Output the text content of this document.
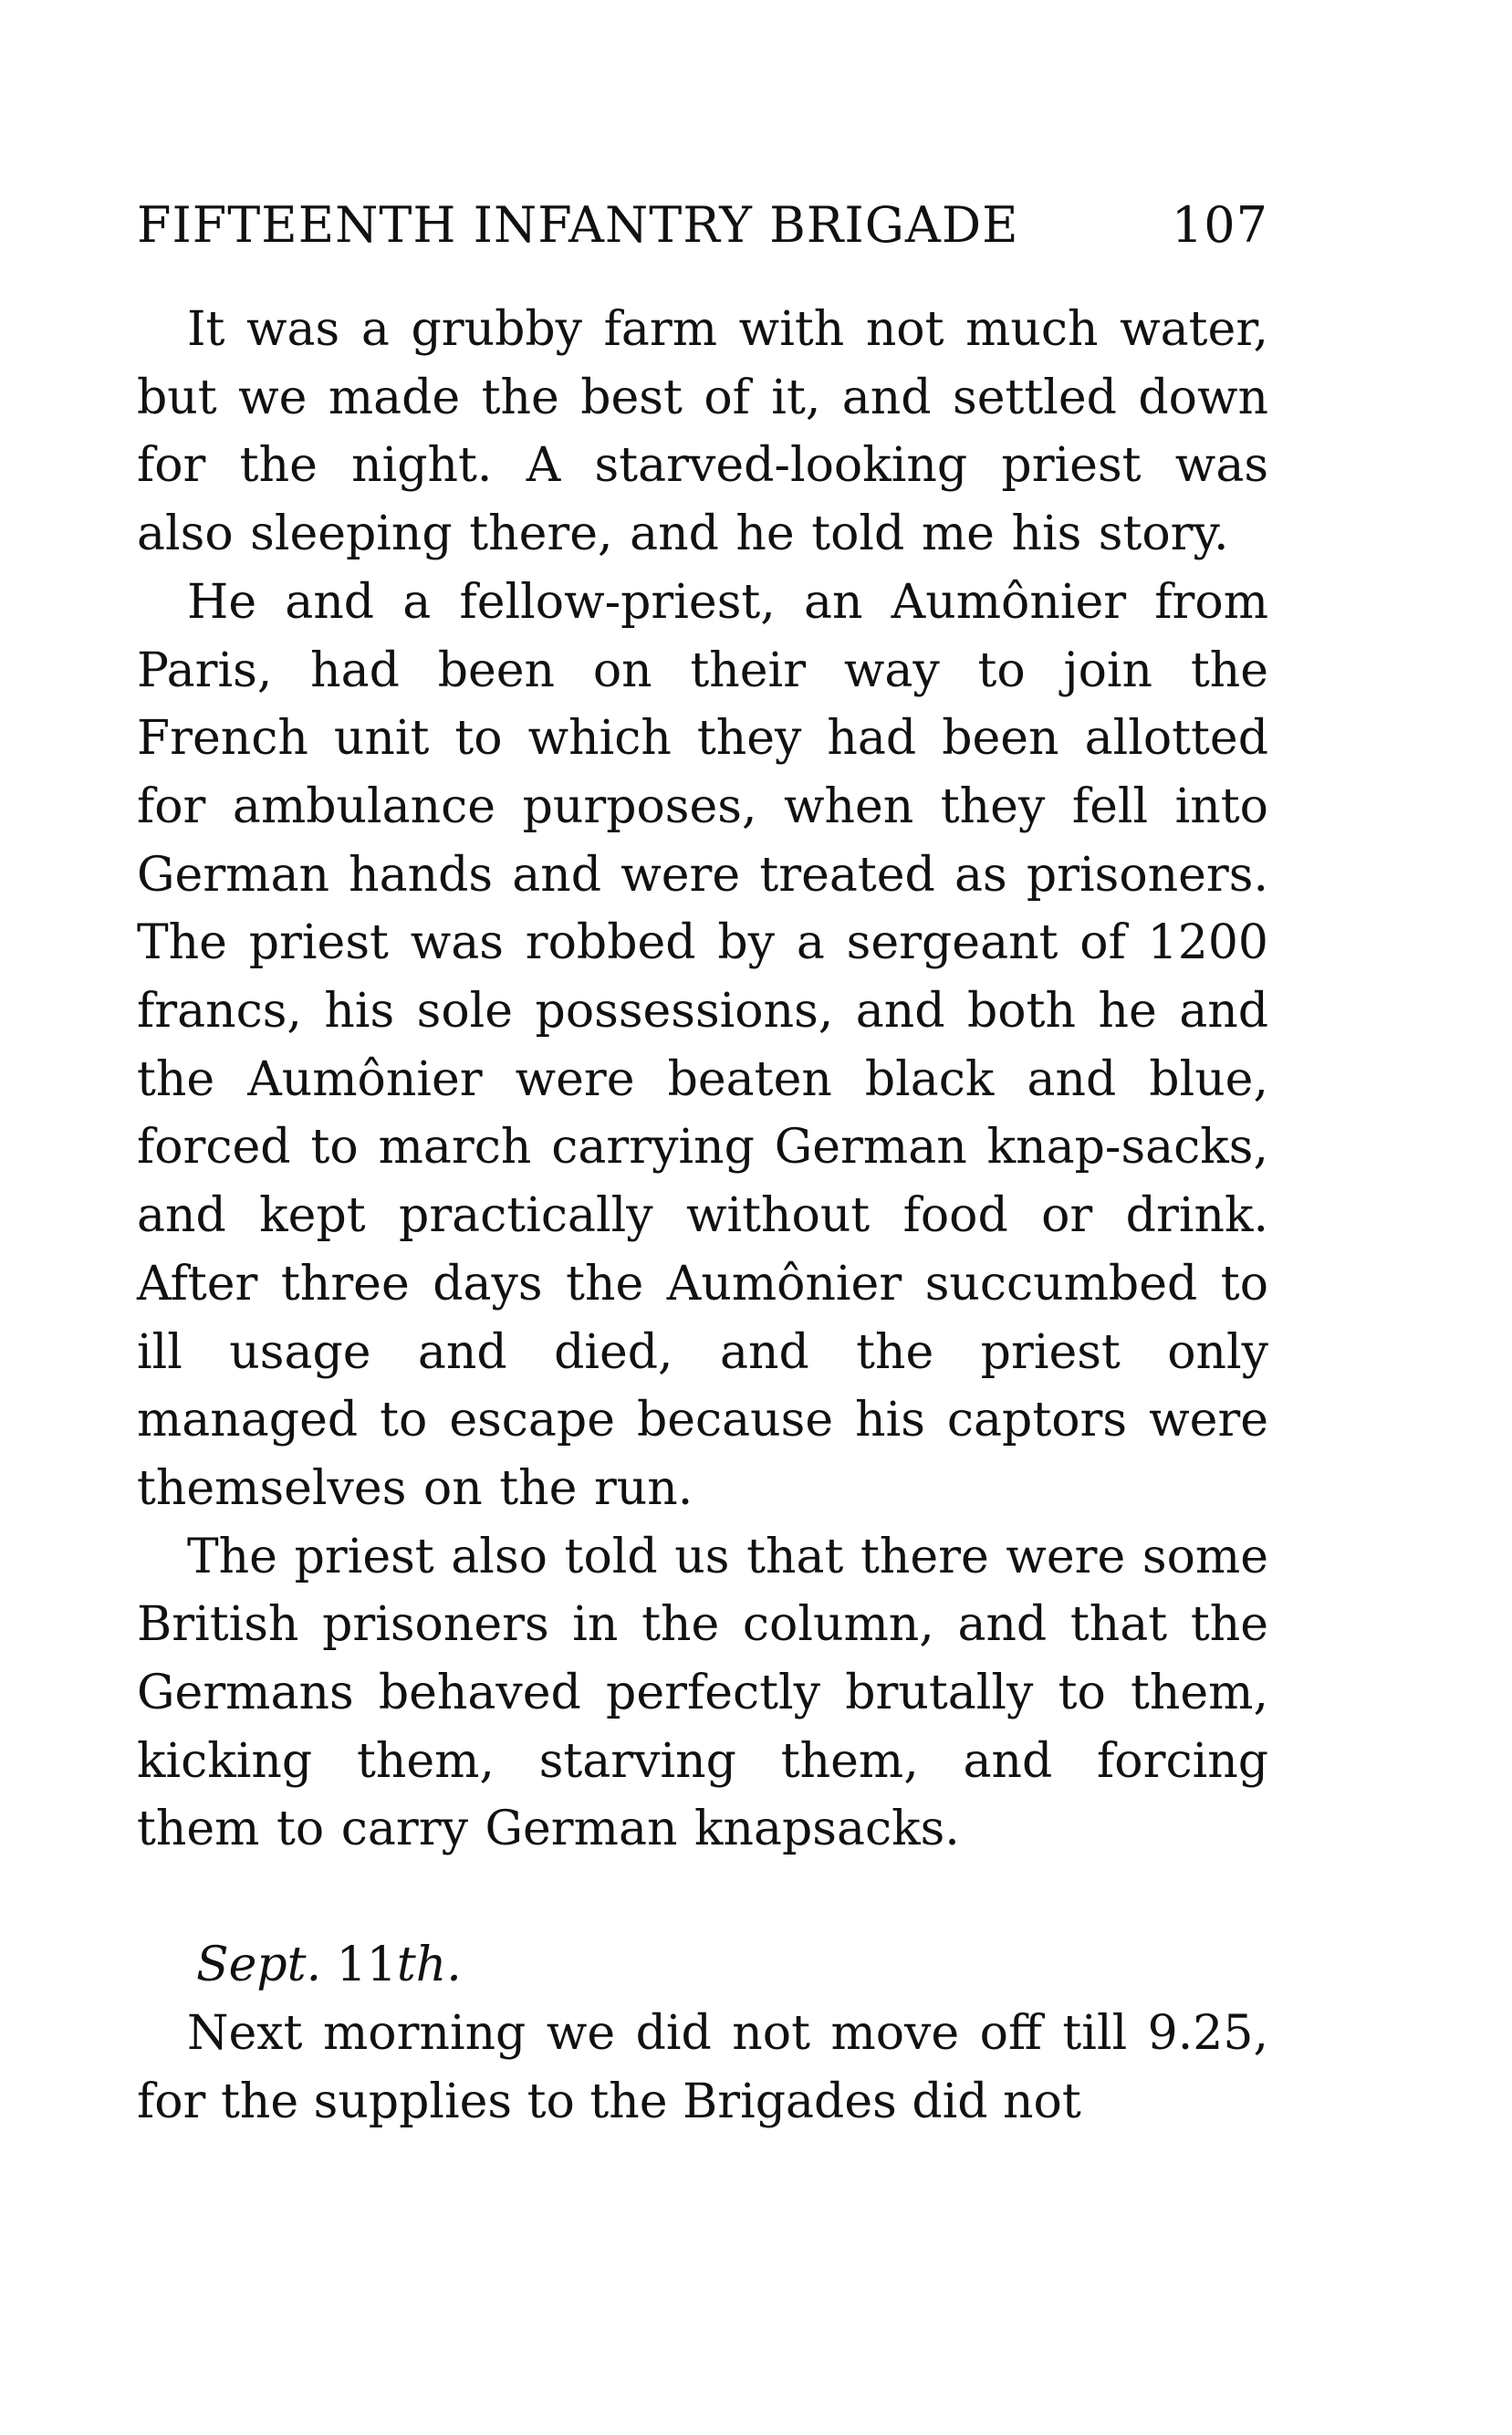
FIFTEENTH INFANTRY BRIGADE	107

It was a grubby farm with not much water, but we made the best of it, and settled down for the night. A starved-looking priest was also sleeping there, and he told me his story.

He and a fellow-priest, an Aumônier from Paris, had been on their way to join the French unit to which they had been allotted for ambulance purposes, when they fell into German hands and were treated as prisoners. The priest was robbed by a sergeant of 1200 francs, his sole possessions, and both he and the Aumônier were beaten black and blue, forced to march carrying German knap-sacks, and kept practically without food or drink. After three days the Aumônier succumbed to ill usage and died, and the priest only managed to escape because his captors were themselves on the run.

The priest also told us that there were some British prisoners in the column, and that the Germans behaved perfectly brutally to them, kicking them, starving them, and forcing them to carry German knapsacks.

Sept. 11th.

Next morning we did not move off till 9.25, for the supplies to the Brigades did not
